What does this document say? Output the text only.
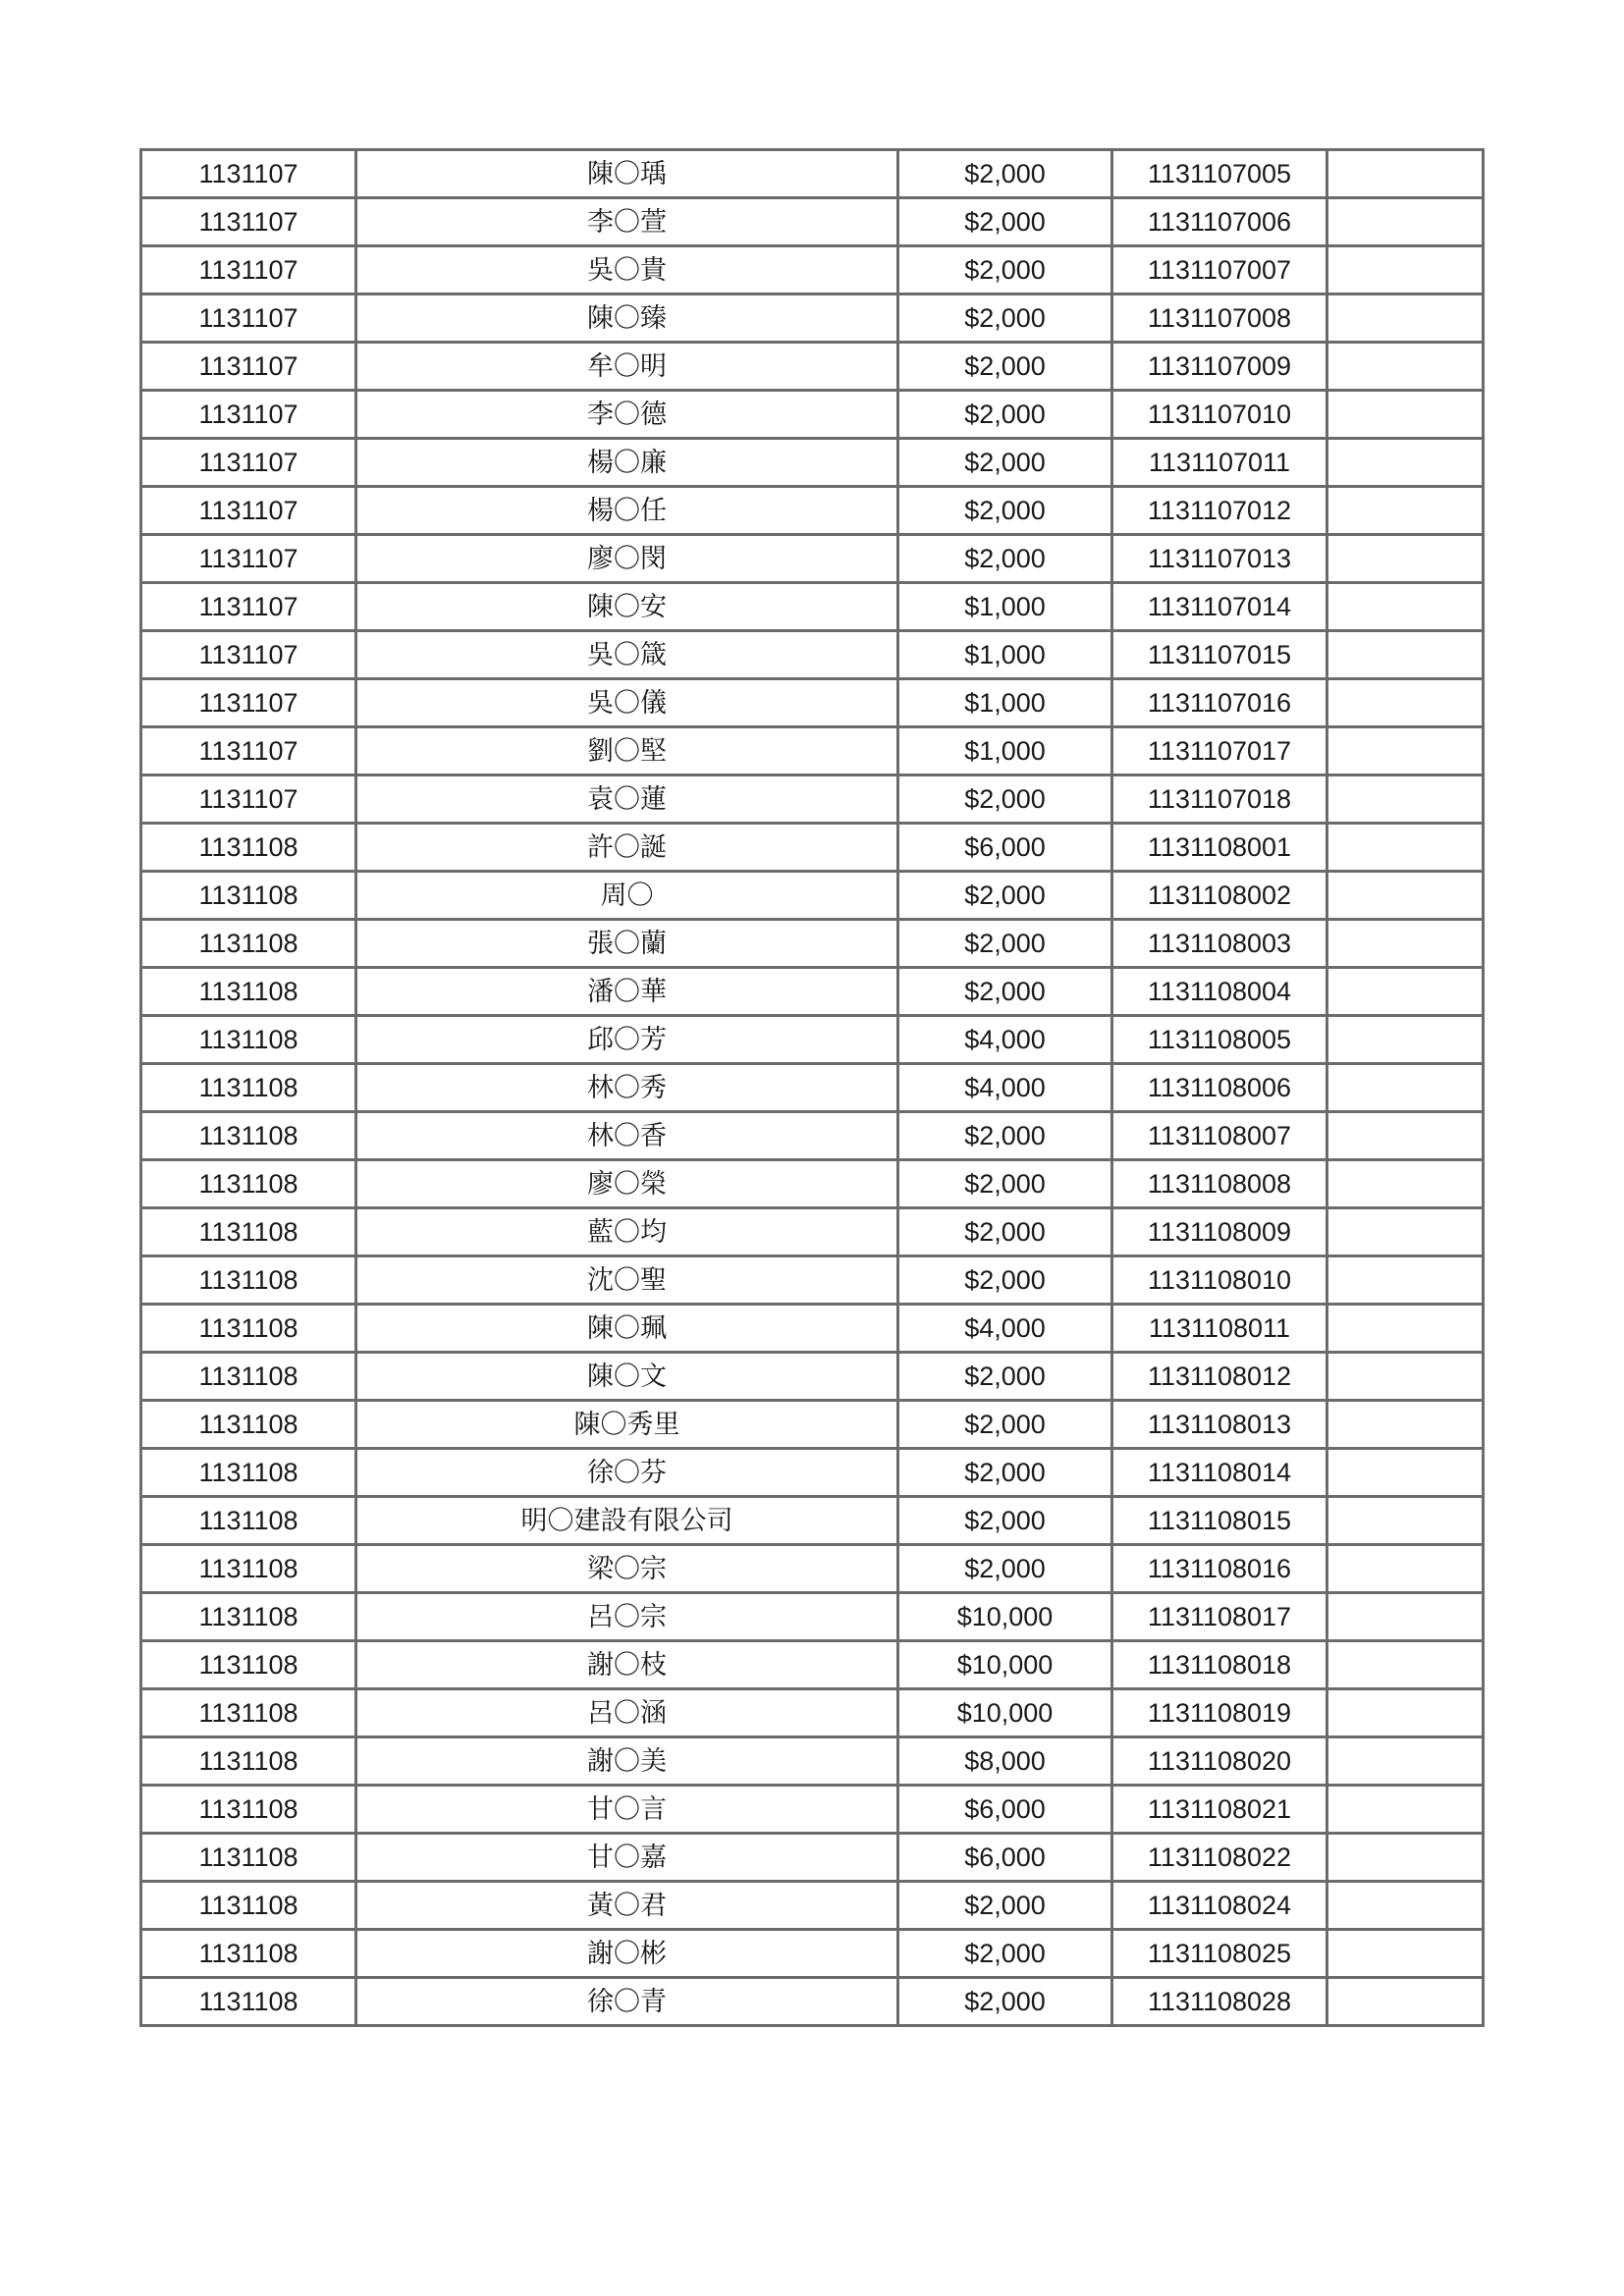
1131107	陳〇瑀	$2,000	1131107005	
1131107	李〇萱	$2,000	1131107006	
1131107	吳〇貴	$2,000	1131107007	
1131107	陳〇臻	$2,000	1131107008	
1131107	牟〇明	$2,000	1131107009	
1131107	李〇德	$2,000	1131107010	
1131107	楊〇廉	$2,000	1131107011	
1131107	楊〇任	$2,000	1131107012	
1131107	廖〇閔	$2,000	1131107013	
1131107	陳〇安	$1,000	1131107014	
1131107	吳〇箴	$1,000	1131107015	
1131107	吳〇儀	$1,000	1131107016	
1131107	劉〇堅	$1,000	1131107017	
1131107	袁〇蓮	$2,000	1131107018	
1131108	許〇誕	$6,000	1131108001	
1131108	周〇	$2,000	1131108002	
1131108	張〇蘭	$2,000	1131108003	
1131108	潘〇華	$2,000	1131108004	
1131108	邱〇芳	$4,000	1131108005	
1131108	林〇秀	$4,000	1131108006	
1131108	林〇香	$2,000	1131108007	
1131108	廖〇榮	$2,000	1131108008	
1131108	藍〇均	$2,000	1131108009	
1131108	沈〇聖	$2,000	1131108010	
1131108	陳〇珮	$4,000	1131108011	
1131108	陳〇文	$2,000	1131108012	
1131108	陳〇秀里	$2,000	1131108013	
1131108	徐〇芬	$2,000	1131108014	
1131108	明〇建設有限公司	$2,000	1131108015	
1131108	梁〇宗	$2,000	1131108016	
1131108	呂〇宗	$10,000	1131108017	
1131108	謝〇枝	$10,000	1131108018	
1131108	呂〇涵	$10,000	1131108019	
1131108	謝〇美	$8,000	1131108020	
1131108	甘〇言	$6,000	1131108021	
1131108	甘〇嘉	$6,000	1131108022	
1131108	黃〇君	$2,000	1131108024	
1131108	謝〇彬	$2,000	1131108025	
1131108	徐〇青	$2,000	1131108028	
